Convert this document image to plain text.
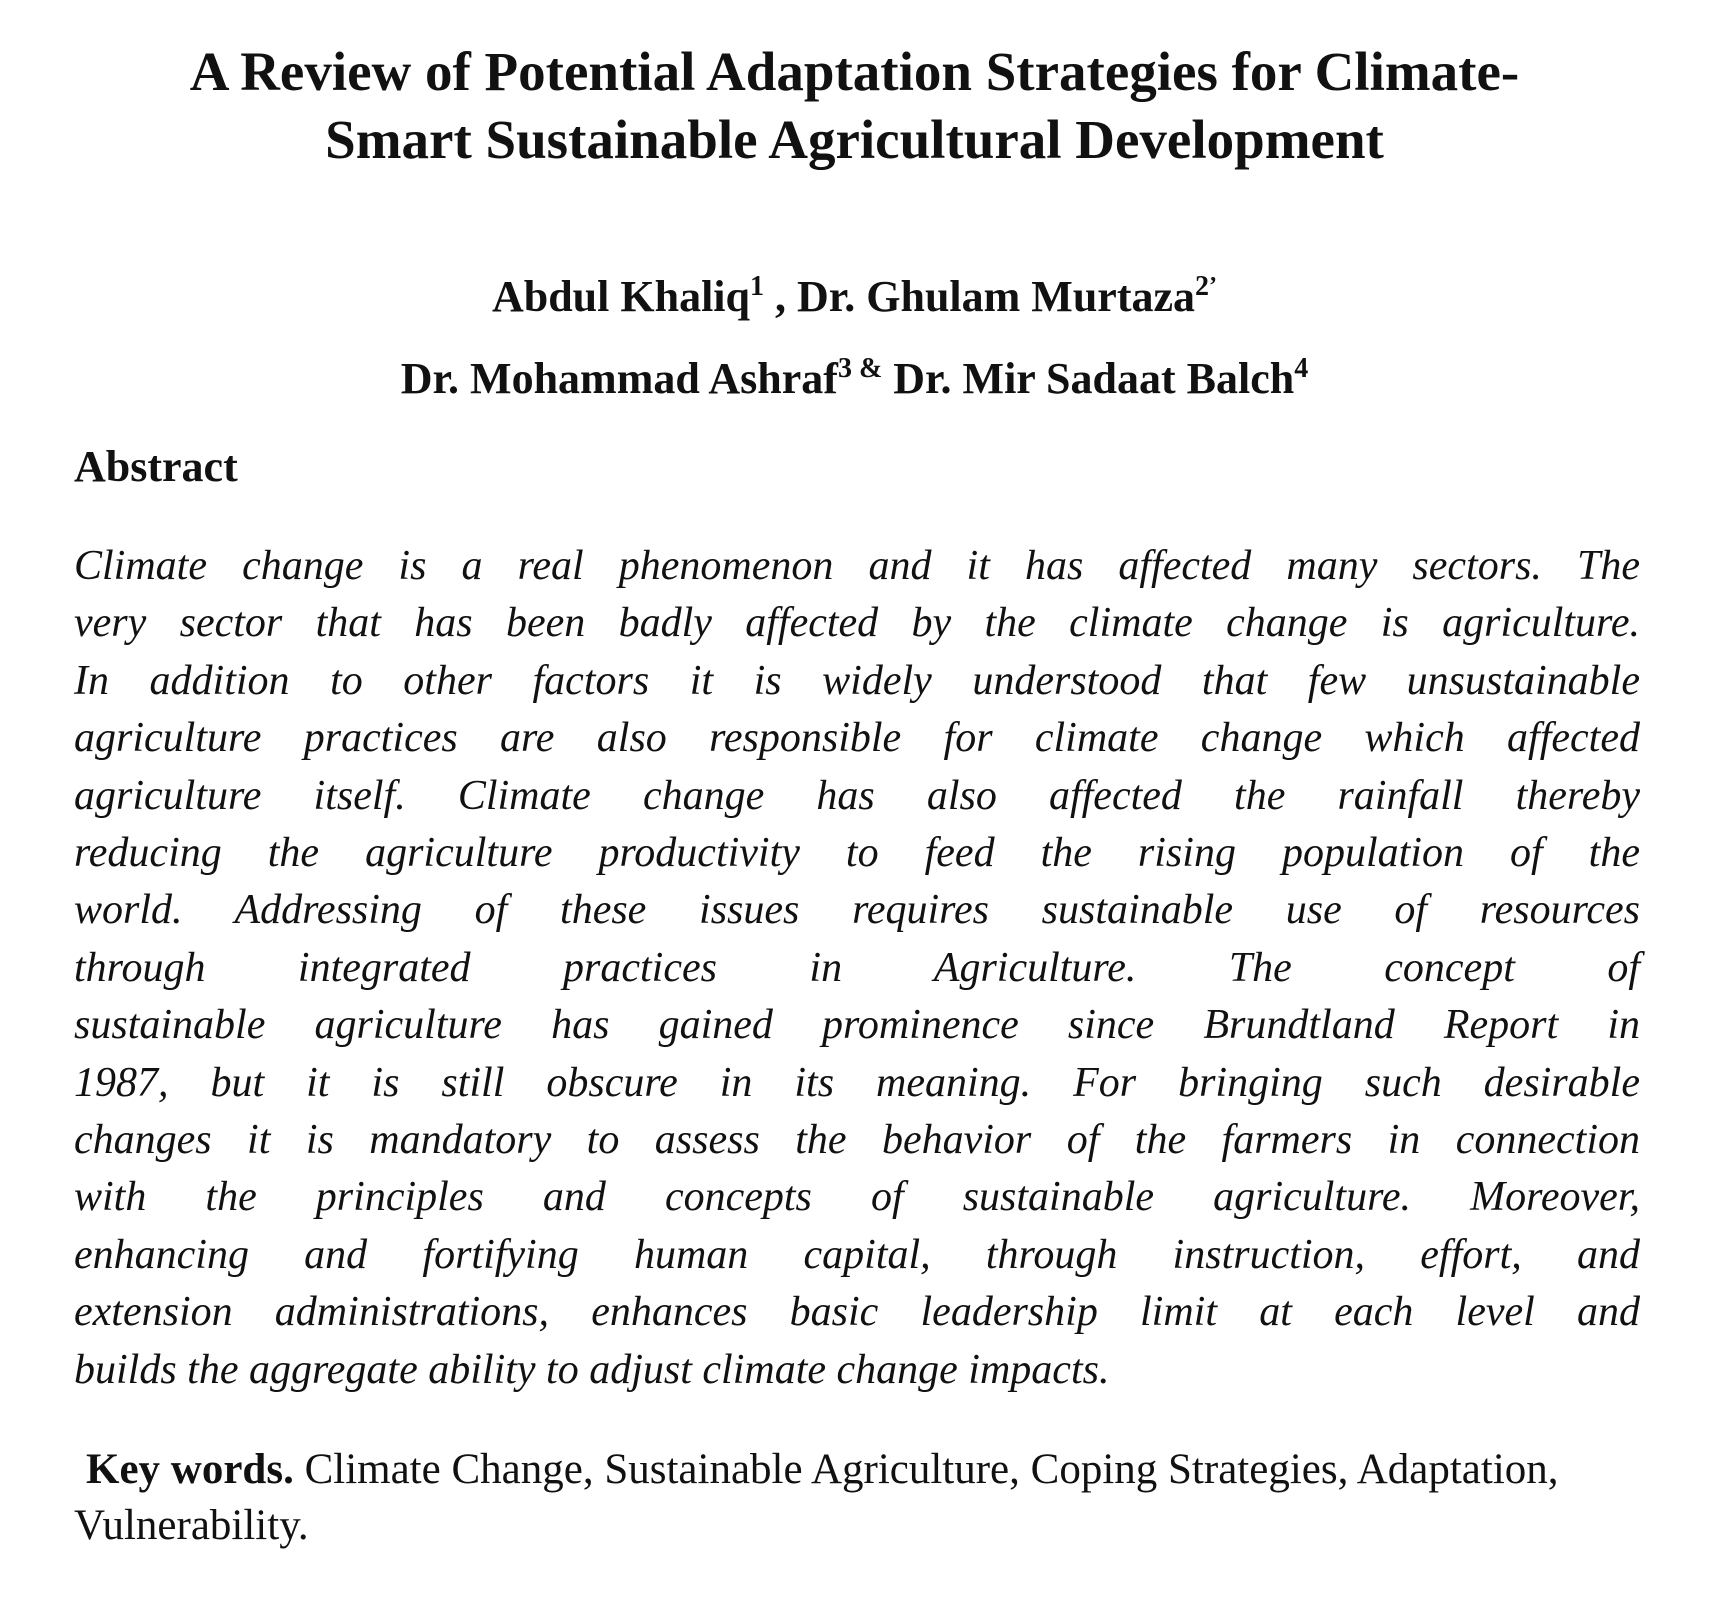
A Review of Potential Adaptation Strategies for Climate-
Smart Sustainable Agricultural Development

Abdul Khaliq$^1$ , Dr. Ghulam Murtaza$^{2ʼ}$

Dr. Mohammad Ashraf$^3$ & Dr. Mir Sadaat Balch$^4$

Abstract
Climate change is a real phenomenon and it has affected many sectors. The
very sector that has been badly affected by the climate change is agriculture.
In addition to other factors it is widely understood that few unsustainable
agriculture practices are also responsible for climate change which affected
agriculture itself. Climate change has also affected the rainfall thereby
reducing the agriculture productivity to feed the rising population of the
world. Addressing of these issues requires sustainable use of resources
through integrated practices in Agriculture. The concept of
sustainable agriculture has gained prominence since Brundtland Report in
1987, but it is still obscure in its meaning. For bringing such desirable
changes it is mandatory to assess the behavior of the farmers in connection
with the principles and concepts of sustainable agriculture. Moreover,
enhancing and fortifying human capital, through instruction, effort, and
extension administrations, enhances basic leadership limit at each level and
builds the aggregate ability to adjust climate change impacts.

Key words. Climate Change, Sustainable Agriculture, Coping Strategies, Adaptation, Vulnerability.
